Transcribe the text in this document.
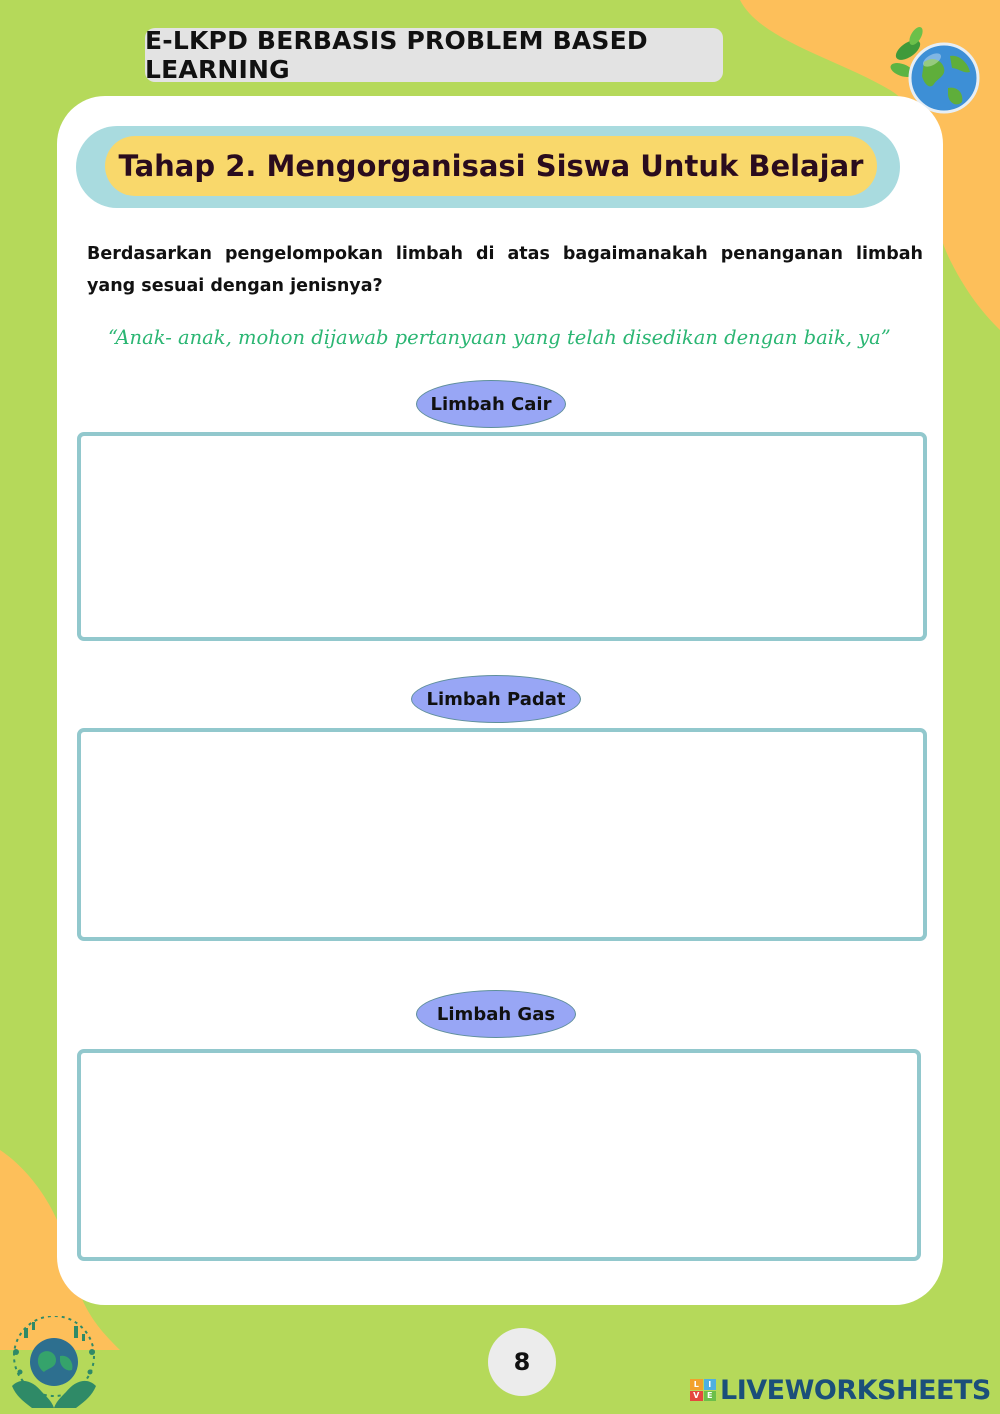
E-LKPD BERBASIS PROBLEM BASED LEARNING
Tahap 2. Mengorganisasi Siswa Untuk Belajar
Berdasarkan pengelompokan limbah di atas bagaimanakah penanganan limbah yang sesuai dengan jenisnya?
“Anak- anak, mohon dijawab pertanyaan yang telah disedikan dengan baik, ya”
Limbah Cair
Limbah Padat
Limbah Gas
8
L	I
V E LIVEWORKSHEETS
